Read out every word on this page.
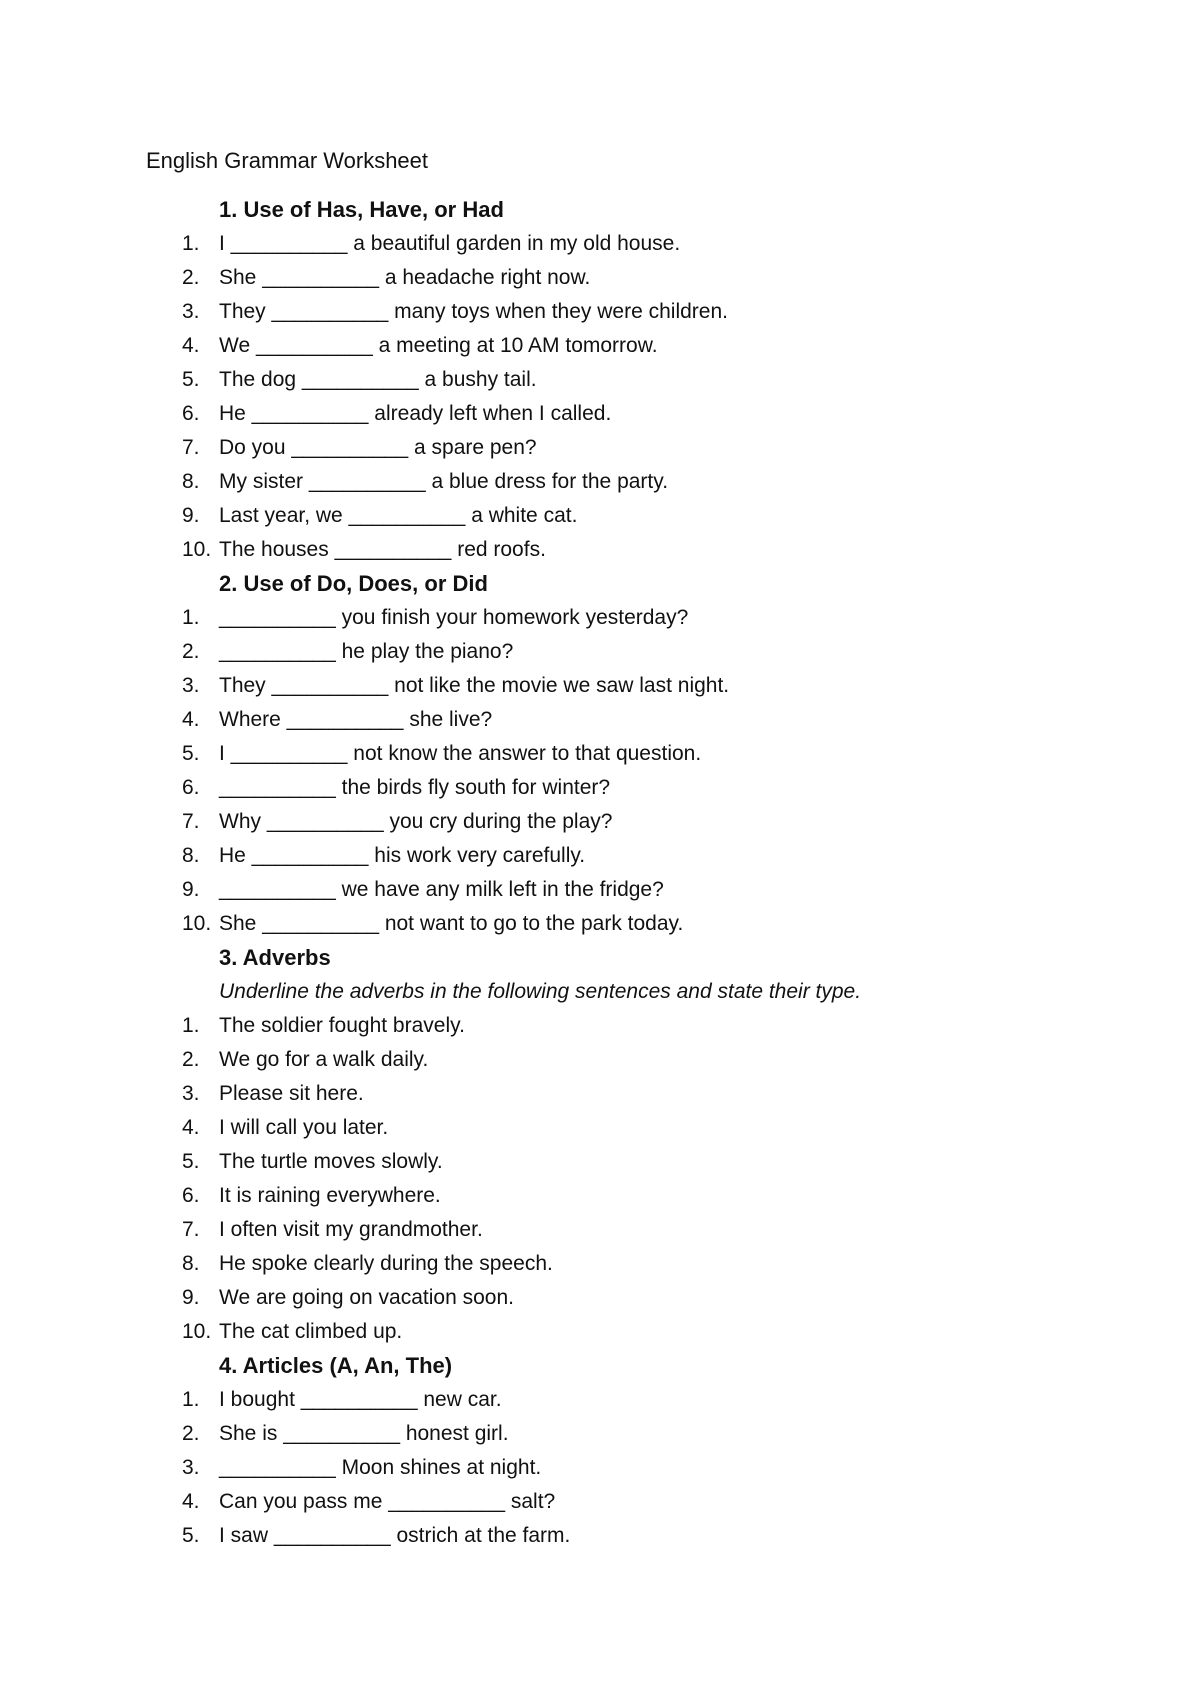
English Grammar Worksheet
1. Use of Has, Have, or Had
1. I __________ a beautiful garden in my old house.
2. She __________ a headache right now.
3. They __________ many toys when they were children.
4. We __________ a meeting at 10 AM tomorrow.
5. The dog __________ a bushy tail.
6. He __________ already left when I called.
7. Do you __________ a spare pen?
8. My sister __________ a blue dress for the party.
9. Last year, we __________ a white cat.
10. The houses __________ red roofs.
2. Use of Do, Does, or Did
1. __________ you finish your homework yesterday?
2. __________ he play the piano?
3. They __________ not like the movie we saw last night.
4. Where __________ she live?
5. I __________ not know the answer to that question.
6. __________ the birds fly south for winter?
7. Why __________ you cry during the play?
8. He __________ his work very carefully.
9. __________ we have any milk left in the fridge?
10. She __________ not want to go to the park today.
3. Adverbs

Underline the adverbs in the following sentences and state their type.

1. The soldier fought bravely.
2. We go for a walk daily.
3. Please sit here.
4. I will call you later.
5. The turtle moves slowly.
6. It is raining everywhere.
7. I often visit my grandmother.
8. He spoke clearly during the speech.
9. We are going on vacation soon.
10. The cat climbed up.
4. Articles (A, An, The)
1. I bought __________ new car.
2. She is __________ honest girl.
3. __________ Moon shines at night.
4. Can you pass me __________ salt?
5. I saw __________ ostrich at the farm.
